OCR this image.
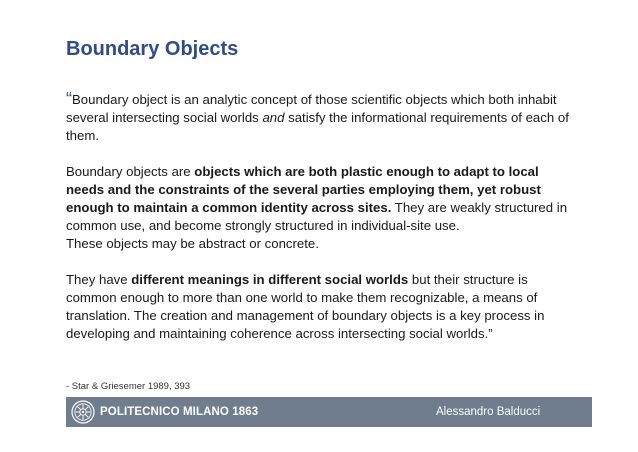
Boundary Objects

“Boundary object is an analytic concept of those scientific objects which both inhabit several intersecting social worlds and satisfy the informational requirements of each of them.

Boundary objects are objects which are both plastic enough to adapt to local needs and the constraints of the several parties employing them, yet robust enough to maintain a common identity across sites. They are weakly structured in common use, and become strongly structured in individual-site use.

These objects may be abstract or concrete.

They have different meanings in different social worlds but their structure is common enough to more than one world to make them recognizable, a means of translation. The creation and management of boundary objects is a key process in developing and maintaining coherence across intersecting social worlds.”

- Star & Griesemer 1989, 393
POLITECNICO MILANO 1863	Alessandro Balducci
